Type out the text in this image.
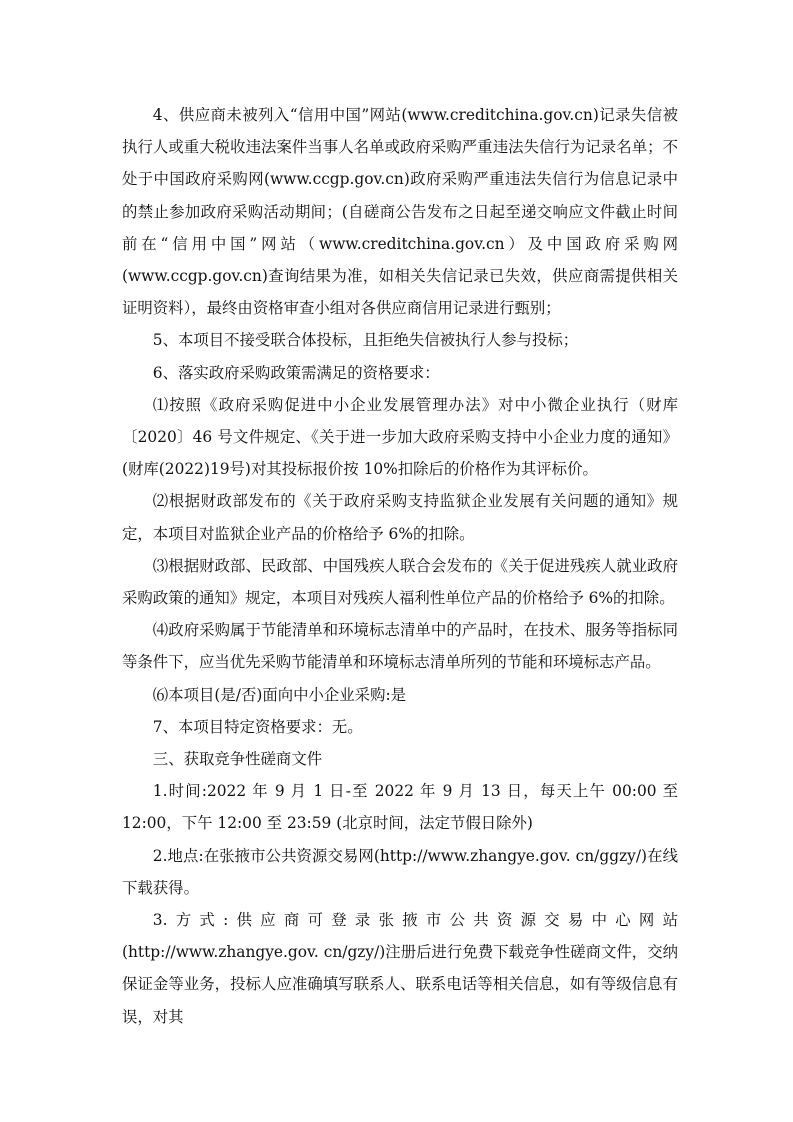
4、供应商未被列入“信用中国”网站(www.creditchina.gov.cn)记录失信被执行人或重大税收违法案件当事人名单或政府采购严重违法失信行为记录名单；不处于中国政府采购网(www.ccgp.gov.cn)政府采购严重违法失信行为信息记录中的禁止参加政府采购活动期间；(自磋商公告发布之日起至递交响应文件截止时间前在“信用中国”网站（www.creditchina.gov.cn）及中国政府采购网(www.ccgp.gov.cn)查询结果为准，如相关失信记录已失效，供应商需提供相关证明资料），最终由资格审查小组对各供应商信用记录进行甄别；

5、本项目不接受联合体投标，且拒绝失信被执行人参与投标；

6、落实政府采购政策需满足的资格要求：

⑴按照《政府采购促进中小企业发展管理办法》对中小微企业执行（财库〔2020〕46 号文件规定、《关于进一步加大政府采购支持中小企业力度的通知》(财库(2022)19号)对其投标报价按 10%扣除后的价格作为其评标价。

⑵根据财政部发布的《关于政府采购支持监狱企业发展有关问题的通知》规定，本项目对监狱企业产品的价格给予 6%的扣除。

⑶根据财政部、民政部、中国残疾人联合会发布的《关于促进残疾人就业政府采购政策的通知》规定，本项目对残疾人福利性单位产品的价格给予 6%的扣除。

⑷政府采购属于节能清单和环境标志清单中的产品时，在技术、服务等指标同等条件下，应当优先采购节能清单和环境标志清单所列的节能和环境标志产品。

⑹本项目(是/否)面向中小企业采购:是

7、本项目特定资格要求：无。

三、获取竞争性磋商文件

1.时间:2022 年 9 月 1 日-至 2022 年 9 月 13 日，每天上午 00:00 至 12:00，下午 12:00 至 23:59 (北京时间，法定节假日除外)

2.地点:在张掖市公共资源交易网(http://www.zhangye.gov. cn/ggzy/)在线下载获得。

3.方式:供应商可登录张掖市公共资源交易中心网站(http://www.zhangye.gov. cn/gzy/)注册后进行免费下载竞争性磋商文件，交纳保证金等业务，投标人应准确填写联系人、联系电话等相关信息，如有等级信息有误，对其
